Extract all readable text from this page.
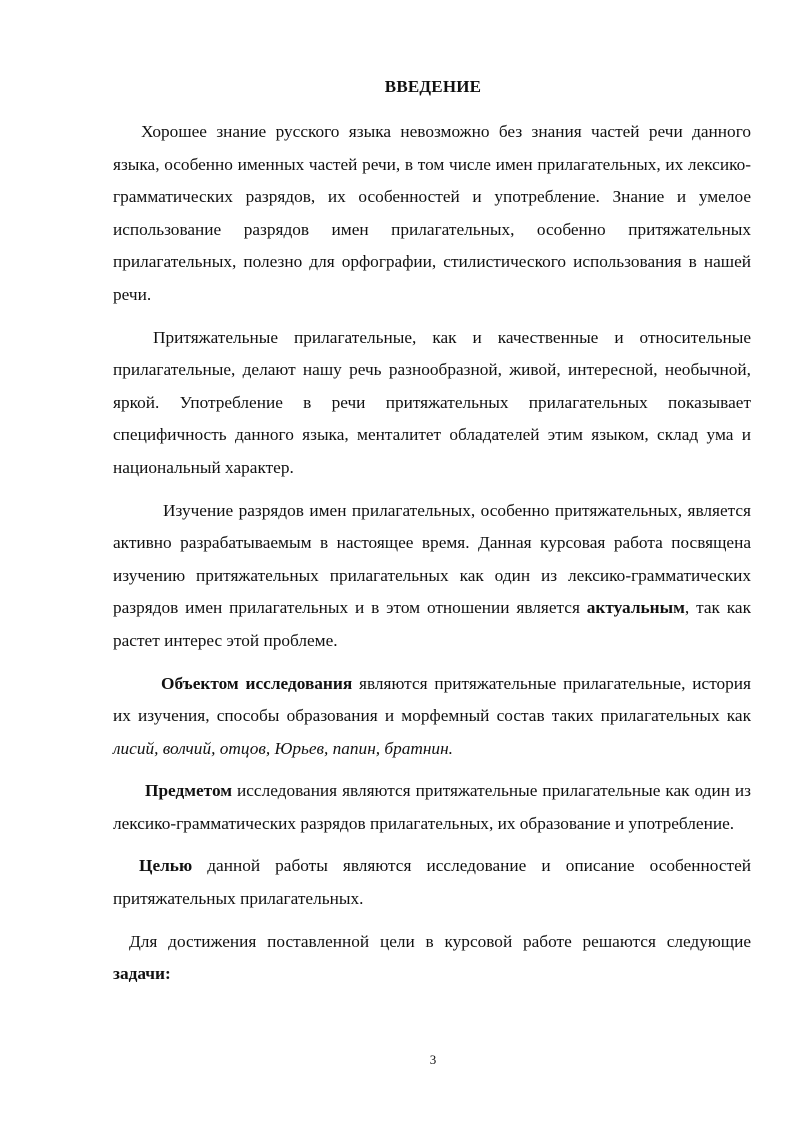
ВВЕДЕНИЕ

Хорошее знание русского языка невозможно без знания частей речи данного языка, особенно именных частей речи, в том числе имен прилагательных, их лексико-грамматических разрядов, их особенностей и употребление. Знание и умелое использование разрядов имен прилагательных, особенно притяжательных прилагательных, полезно для орфографии, стилистического использования в нашей речи.

Притяжательные прилагательные, как и качественные и относительные прилагательные, делают нашу речь разнообразной, живой, интересной, необычной, яркой. Употребление в речи притяжательных прилагательных показывает специфичность данного языка, менталитет обладателей этим языком, склад ума и национальный характер.

Изучение разрядов имен прилагательных, особенно притяжательных, является активно разрабатываемым в настоящее время. Данная курсовая работа посвящена изучению притяжательных прилагательных как один из лексико-грамматических разрядов имен прилагательных и в этом отношении является актуальным, так как растет интерес этой проблеме.

Объектом исследования являются притяжательные прилагательные, история их изучения, способы образования и морфемный состав таких прилагательных как лисий, волчий, отцов, Юрьев, папин, братнин.

Предметом исследования являются притяжательные прилагательные как один из лексико-грамматических разрядов прилагательных, их образование и употребление.

Целью данной работы являются исследование и описание особенностей притяжательных прилагательных.

Для достижения поставленной цели в курсовой работе решаются следующие задачи:

3
